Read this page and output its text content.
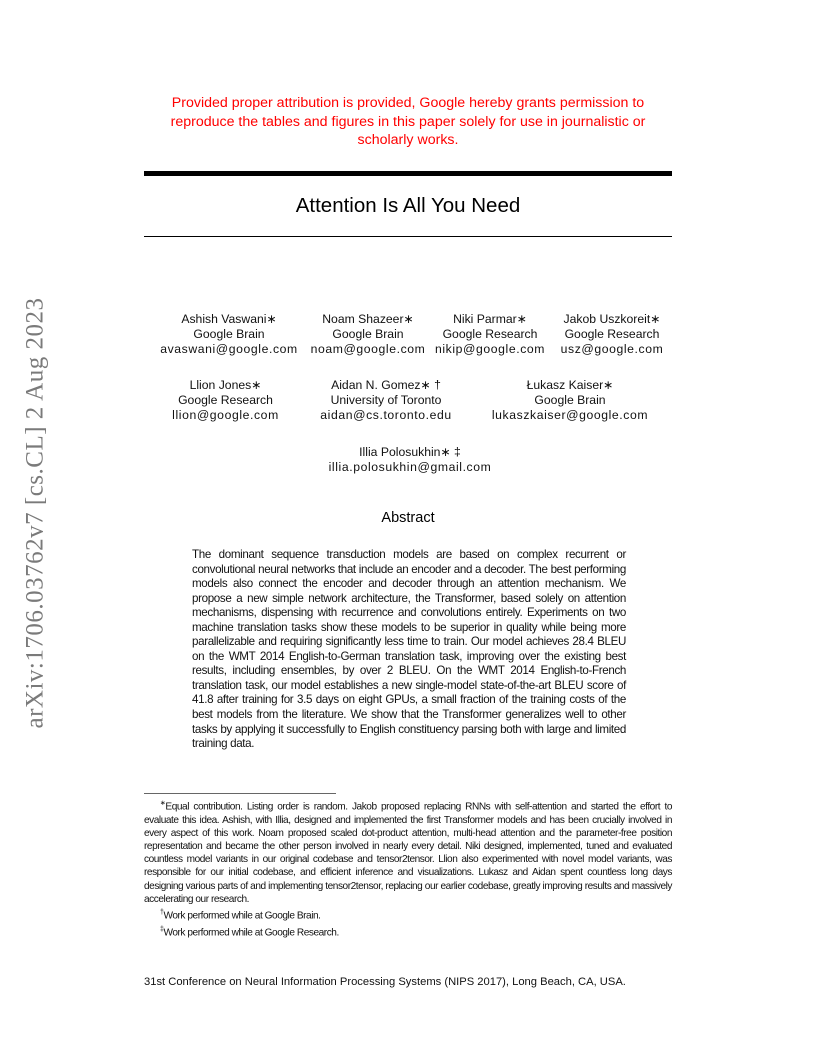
arXiv:1706.03762v7 [cs.CL] 2 Aug 2023
Provided proper attribution is provided, Google hereby grants permission to reproduce the tables and figures in this paper solely for use in journalistic or scholarly works.
Attention Is All You Need
Ashish Vaswani∗
Google Brain
avaswani@google.com
Noam Shazeer∗
Google Brain
noam@google.com
Niki Parmar∗
Google Research
nikip@google.com
Jakob Uszkoreit∗
Google Research
usz@google.com
Llion Jones∗
Google Research
llion@google.com
Aidan N. Gomez∗ †
University of Toronto
aidan@cs.toronto.edu
Łukasz Kaiser∗
Google Brain
lukaszkaiser@google.com
Illia Polosukhin∗ ‡
illia.polosukhin@gmail.com
Abstract
The dominant sequence transduction models are based on complex recurrent or convolutional neural networks that include an encoder and a decoder. The best performing models also connect the encoder and decoder through an attention mechanism. We propose a new simple network architecture, the Transformer, based solely on attention mechanisms, dispensing with recurrence and convolutions entirely. Experiments on two machine translation tasks show these models to be superior in quality while being more parallelizable and requiring significantly less time to train. Our model achieves 28.4 BLEU on the WMT 2014 English-to-German translation task, improving over the existing best results, including ensembles, by over 2 BLEU. On the WMT 2014 English-to-French translation task, our model establishes a new single-model state-of-the-art BLEU score of 41.8 after training for 3.5 days on eight GPUs, a small fraction of the training costs of the best models from the literature. We show that the Transformer generalizes well to other tasks by applying it successfully to English constituency parsing both with large and limited training data.

∗Equal contribution. Listing order is random. Jakob proposed replacing RNNs with self-attention and started the effort to evaluate this idea. Ashish, with Illia, designed and implemented the first Transformer models and has been crucially involved in every aspect of this work. Noam proposed scaled dot-product attention, multi-head attention and the parameter-free position representation and became the other person involved in nearly every detail. Niki designed, implemented, tuned and evaluated countless model variants in our original codebase and tensor2tensor. Llion also experimented with novel model variants, was responsible for our initial codebase, and efficient inference and visualizations. Lukasz and Aidan spent countless long days designing various parts of and implementing tensor2tensor, replacing our earlier codebase, greatly improving results and massively accelerating our research.

†Work performed while at Google Brain.

‡Work performed while at Google Research.

31st Conference on Neural Information Processing Systems (NIPS 2017), Long Beach, CA, USA.
